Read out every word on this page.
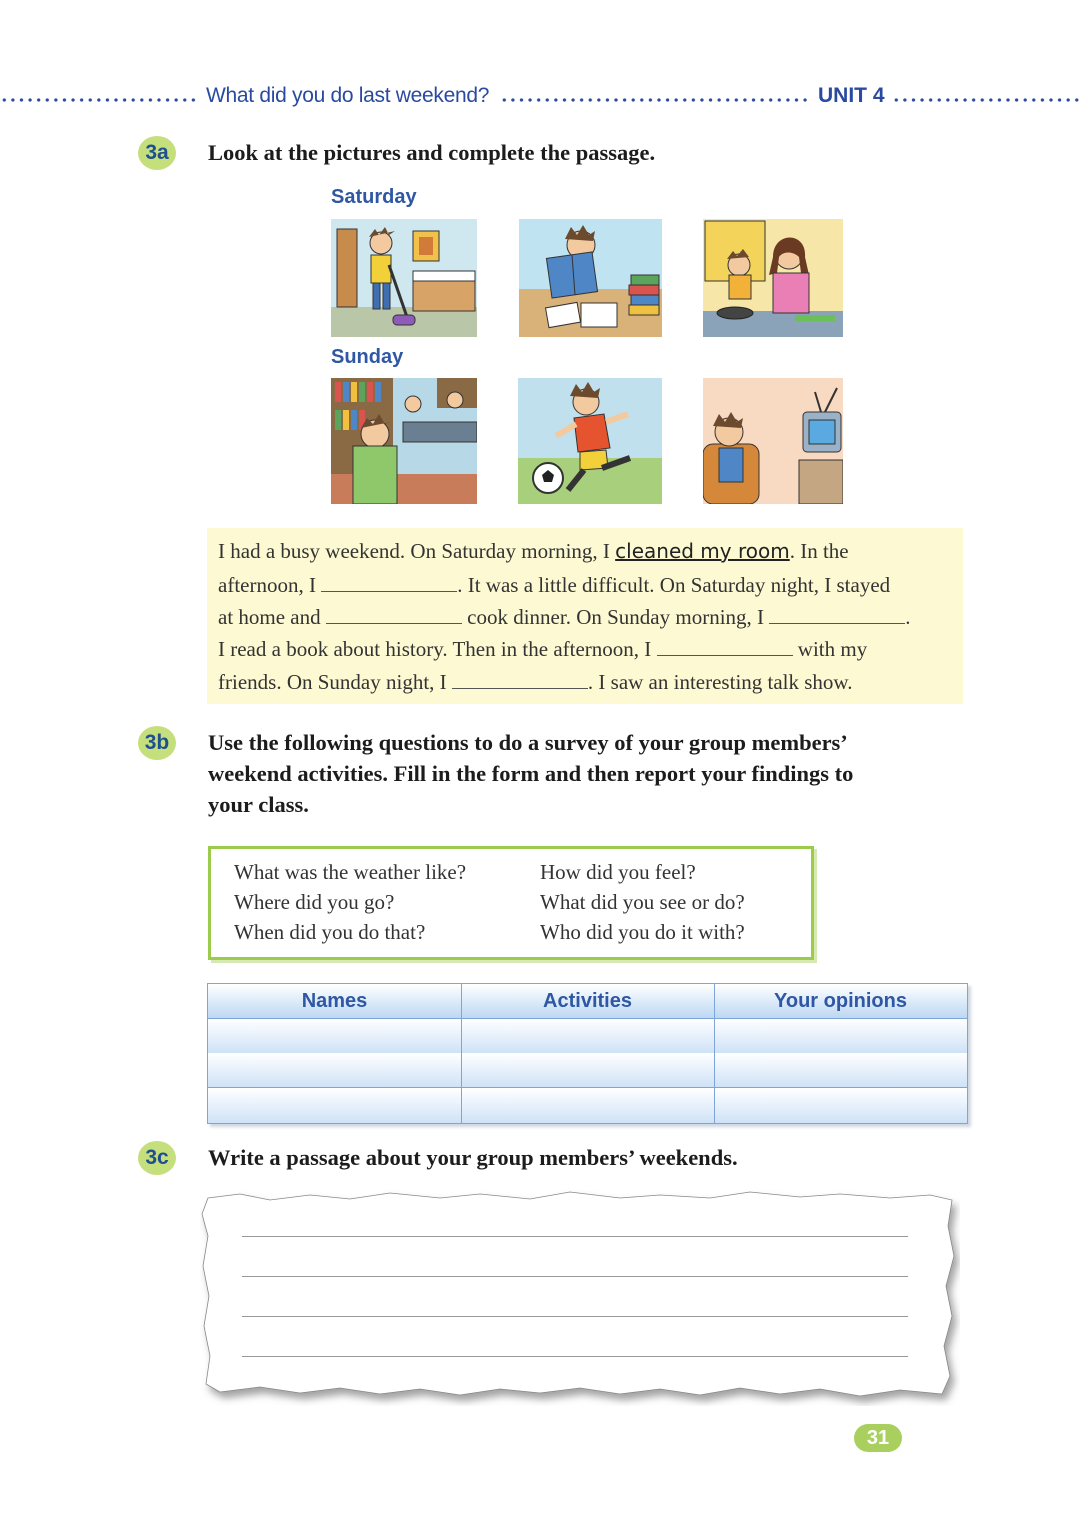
What did you do last weekend?	UNIT 4
3a	Look at the pictures and complete the passage.
Saturday
Sunday
I had a busy weekend. On Saturday morning, I cleaned my room. In the
afternoon, I	. It was a little difficult. On Saturday night, I stayed
at home and	cook dinner. On Sunday morning, I	.
I read a book about history. Then in the afternoon, I	with my
friends. On Sunday night, I	. I saw an interesting talk show.
3b	Use the following questions to do a survey of your group members’
weekend activities. Fill in the form and then report your findings to
your class.
What was the weather like?
Where did you go?
When did you do that?
How did you feel?
What did you see or do?
Who did you do it with?
Names	Activities	Your opinions
3c	Write a passage about your group members’ weekends.
31
